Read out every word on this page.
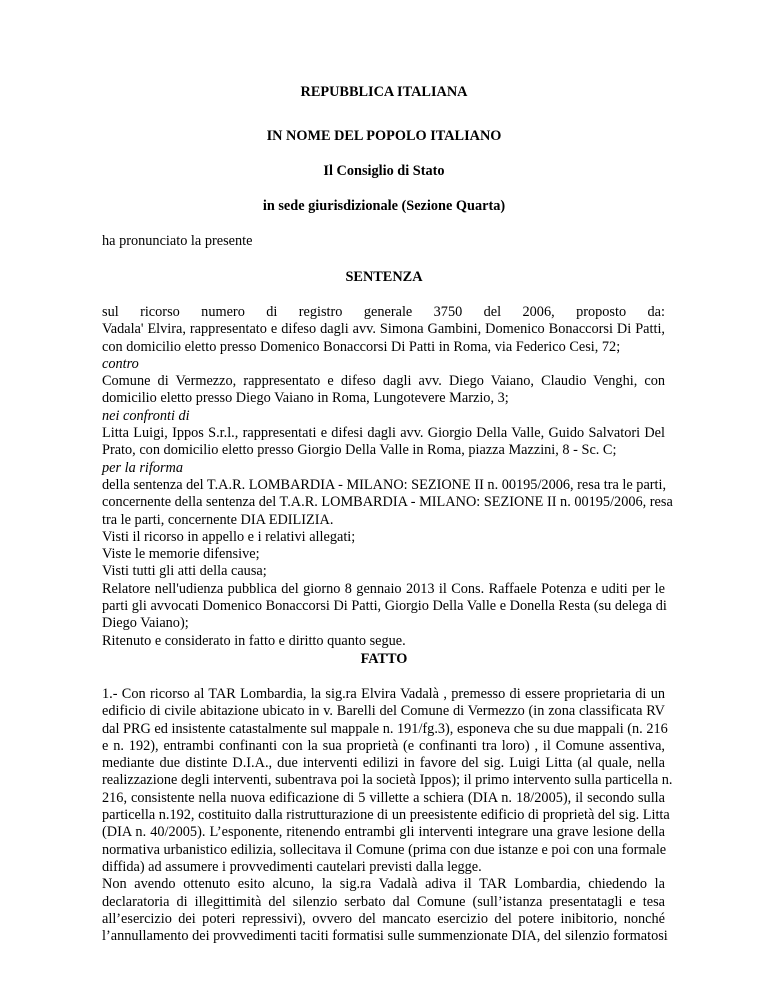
REPUBBLICA ITALIANA
IN NOME DEL POPOLO ITALIANO
Il Consiglio di Stato
in sede giurisdizionale (Sezione Quarta)

ha pronunciato la presente

SENTENZA
sul ricorso numero di registro generale 3750 del 2006, proposto da:

Vadala' Elvira, rappresentato e difeso dagli avv. Simona Gambini, Domenico Bonaccorsi Di Patti,

con domicilio eletto presso Domenico Bonaccorsi Di Patti in Roma, via Federico Cesi, 72;

contro

Comune di Vermezzo, rappresentato e difeso dagli avv. Diego Vaiano, Claudio Venghi, con

domicilio eletto presso Diego Vaiano in Roma, Lungotevere Marzio, 3;

nei confronti di

Litta Luigi, Ippos S.r.l., rappresentati e difesi dagli avv. Giorgio Della Valle, Guido Salvatori Del

Prato, con domicilio eletto presso Giorgio Della Valle in Roma, piazza Mazzini, 8 - Sc. C;

per la riforma

della sentenza del T.A.R. LOMBARDIA - MILANO: SEZIONE II n. 00195/2006, resa tra le parti,

concernente della sentenza del T.A.R. LOMBARDIA - MILANO: SEZIONE II n. 00195/2006, resa

tra le parti, concernente DIA EDILIZIA.

Visti il ricorso in appello e i relativi allegati;

Viste le memorie difensive;

Visti tutti gli atti della causa;

Relatore nell'udienza pubblica del giorno 8 gennaio 2013 il Cons. Raffaele Potenza e uditi per le

parti gli avvocati Domenico Bonaccorsi Di Patti, Giorgio Della Valle e Donella Resta (su delega di

Diego Vaiano);

Ritenuto e considerato in fatto e diritto quanto segue.

FATTO

1.- Con ricorso al TAR Lombardia, la sig.ra Elvira Vadalà , premesso di essere proprietaria di un

edificio di civile abitazione ubicato in v. Barelli del Comune di Vermezzo (in zona classificata RV

dal PRG ed insistente catastalmente sul mappale n. 191/fg.3), esponeva che su due mappali (n. 216

e n. 192), entrambi confinanti con la sua proprietà (e confinanti tra loro) , il Comune assentiva,

mediante due distinte D.I.A., due interventi edilizi in favore del sig. Luigi Litta (al quale, nella

realizzazione degli interventi, subentrava poi la società Ippos); il primo intervento sulla particella n.

216, consistente nella nuova edificazione di 5 villette a schiera (DIA n. 18/2005), il secondo sulla

particella n.192, costituito dalla ristrutturazione di un preesistente edificio di proprietà del sig. Litta

(DIA n. 40/2005). L’esponente, ritenendo entrambi gli interventi integrare una grave lesione della

normativa urbanistico edilizia, sollecitava il Comune (prima con due istanze e poi con una formale

diffida) ad assumere i provvedimenti cautelari previsti dalla legge.

Non avendo ottenuto esito alcuno, la sig.ra Vadalà adiva il TAR Lombardia, chiedendo la

declaratoria di illegittimità del silenzio serbato dal Comune (sull’istanza presentatagli e tesa

all’esercizio dei poteri repressivi), ovvero del mancato esercizio del potere inibitorio, nonché

l’annullamento dei provvedimenti taciti formatisi sulle summenzionate DIA, del silenzio formatosi
